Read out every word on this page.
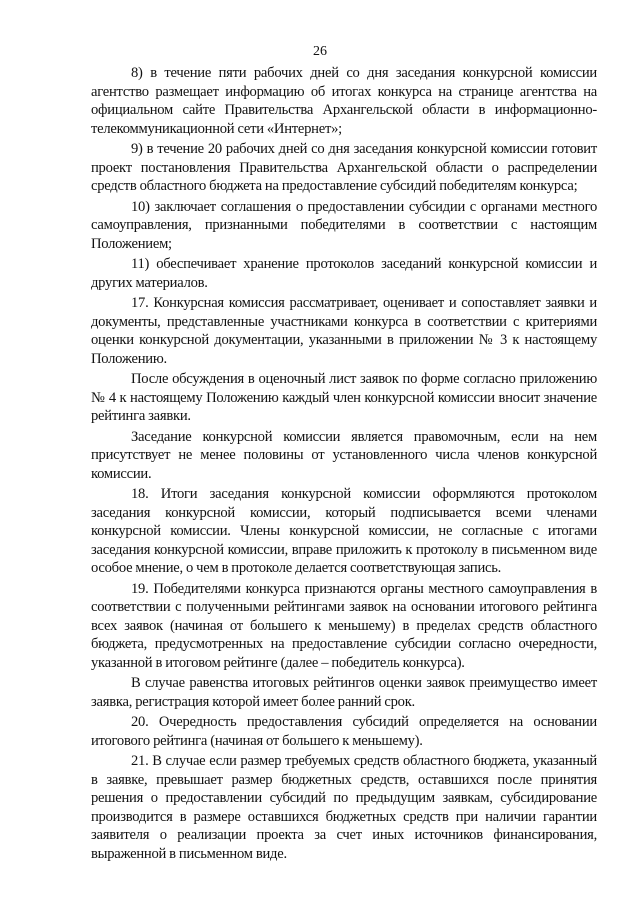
26

8) в течение пяти рабочих дней со дня заседания конкурсной комиссии агентство размещает информацию об итогах конкурса на странице агентства на официальном сайте Правительства Архангельской области в информационно-телекоммуникационной сети «Интернет»;

9) в течение 20 рабочих дней со дня заседания конкурсной комиссии готовит проект постановления Правительства Архангельской области о распределении средств областного бюджета на предоставление субсидий победителям конкурса;

10) заключает соглашения о предоставлении субсидии с органами местного самоуправления, признанными победителями в соответствии с настоящим Положением;

11) обеспечивает хранение протоколов заседаний конкурсной комиссии и других материалов.

17. Конкурсная комиссия рассматривает, оценивает и сопоставляет заявки и документы, представленные участниками конкурса в соответствии с критериями оценки конкурсной документации, указанными в приложении № 3 к настоящему Положению.

После обсуждения в оценочный лист заявок по форме согласно приложению № 4 к настоящему Положению каждый член конкурсной комиссии вносит значение рейтинга заявки.

Заседание конкурсной комиссии является правомочным, если на нем присутствует не менее половины от установленного числа членов конкурсной комиссии.

18. Итоги заседания конкурсной комиссии оформляются протоколом заседания конкурсной комиссии, который подписывается всеми членами конкурсной комиссии. Члены конкурсной комиссии, не согласные с итогами заседания конкурсной комиссии, вправе приложить к протоколу в письменном виде особое мнение, о чем в протоколе делается соответствующая запись.

19. Победителями конкурса признаются органы местного самоуправления в соответствии с полученными рейтингами заявок на основании итогового рейтинга всех заявок (начиная от большего к меньшему) в пределах средств областного бюджета, предусмотренных на предоставление субсидии согласно очередности, указанной в итоговом рейтинге (далее – победитель конкурса).

В случае равенства итоговых рейтингов оценки заявок преимущество имеет заявка, регистрация которой имеет более ранний срок.

20. Очередность предоставления субсидий определяется на основании итогового рейтинга (начиная от большего к меньшему).

21. В случае если размер требуемых средств областного бюджета, указанный в заявке, превышает размер бюджетных средств, оставшихся после принятия решения о предоставлении субсидий по предыдущим заявкам, субсидирование производится в размере оставшихся бюджетных средств при наличии гарантии заявителя о реализации проекта за счет иных источников финансирования, выраженной в письменном виде.
